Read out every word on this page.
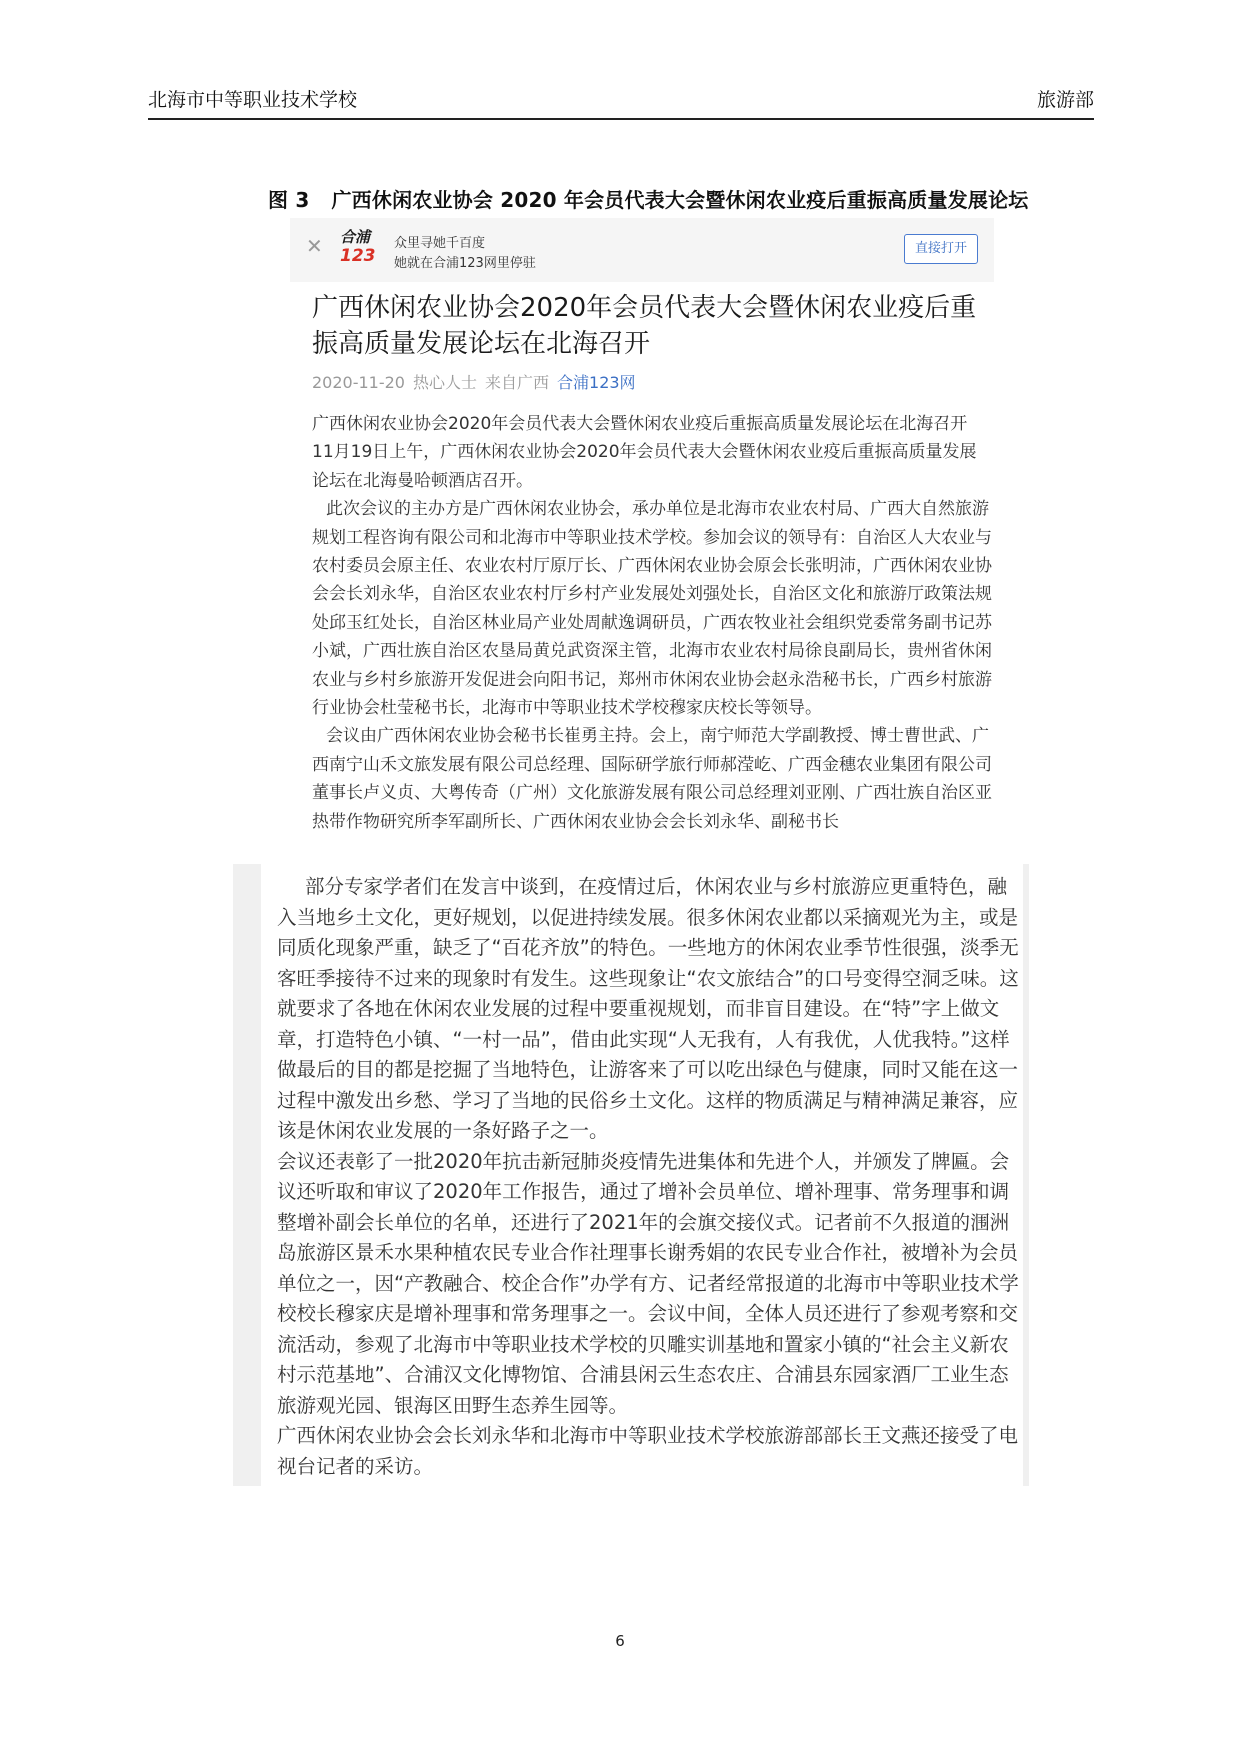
北海市中等职业技术学校	旅游部
图 3 广西休闲农业协会 2020 年会员代表大会暨休闲农业疫后重振高质量发展论坛
✕ 合浦
123
众里寻她千百度
她就在合浦123网里停驻
直接打开
广西休闲农业协会2020年会员代表大会暨休闲农业疫后重振高质量发展论坛在北海召开
2020-11-20 热心人士 来自广西 合浦123网

广西休闲农业协会2020年会员代表大会暨休闲农业疫后重振高质量发展论坛在北海召开

11月19日上午，广西休闲农业协会2020年会员代表大会暨休闲农业疫后重振高质量发展论坛在北海曼哈顿酒店召开。

此次会议的主办方是广西休闲农业协会，承办单位是北海市农业农村局、广西大自然旅游规划工程咨询有限公司和北海市中等职业技术学校。参加会议的领导有：自治区人大农业与农村委员会原主任、农业农村厅原厅长、广西休闲农业协会原会长张明沛，广西休闲农业协会会长刘永华，自治区农业农村厅乡村产业发展处刘强处长，自治区文化和旅游厅政策法规处邱玉红处长，自治区林业局产业处周献逸调研员，广西农牧业社会组织党委常务副书记苏小斌，广西壮族自治区农垦局黄兑武资深主管，北海市农业农村局徐良副局长，贵州省休闲农业与乡村乡旅游开发促进会向阳书记，郑州市休闲农业协会赵永浩秘书长，广西乡村旅游行业协会杜莹秘书长，北海市中等职业技术学校穆家庆校长等领导。

会议由广西休闲农业协会秘书长崔勇主持。会上，南宁师范大学副教授、博士曹世武、广西南宁山禾文旅发展有限公司总经理、国际研学旅行师郝滢屹、广西金穗农业集团有限公司董事长卢义贞、大粤传奇（广州）文化旅游发展有限公司总经理刘亚刚、广西壮族自治区亚热带作物研究所李军副所长、广西休闲农业协会会长刘永华、副秘书长

部分专家学者们在发言中谈到，在疫情过后，休闲农业与乡村旅游应更重特色，融入当地乡土文化，更好规划，以促进持续发展。很多休闲农业都以采摘观光为主，或是同质化现象严重，缺乏了“百花齐放”的特色。一些地方的休闲农业季节性很强，淡季无客旺季接待不过来的现象时有发生。这些现象让“农文旅结合”的口号变得空洞乏味。这就要求了各地在休闲农业发展的过程中要重视规划，而非盲目建设。在“特”字上做文章，打造特色小镇、“一村一品”，借由此实现“人无我有，人有我优，人优我特。”这样做最后的目的都是挖掘了当地特色，让游客来了可以吃出绿色与健康，同时又能在这一过程中激发出乡愁、学习了当地的民俗乡土文化。这样的物质满足与精神满足兼容，应该是休闲农业发展的一条好路子之一。

会议还表彰了一批2020年抗击新冠肺炎疫情先进集体和先进个人，并颁发了牌匾。会议还听取和审议了2020年工作报告，通过了增补会员单位、增补理事、常务理事和调整增补副会长单位的名单，还进行了2021年的会旗交接仪式。记者前不久报道的涠洲岛旅游区景禾水果种植农民专业合作社理事长谢秀娟的农民专业合作社，被增补为会员单位之一，因“产教融合、校企合作”办学有方、记者经常报道的北海市中等职业技术学校校长穆家庆是增补理事和常务理事之一。会议中间，全体人员还进行了参观考察和交流活动，参观了北海市中等职业技术学校的贝雕实训基地和置家小镇的“社会主义新农村示范基地”、合浦汉文化博物馆、合浦县闲云生态农庄、合浦县东园家酒厂工业生态旅游观光园、银海区田野生态养生园等。

广西休闲农业协会会长刘永华和北海市中等职业技术学校旅游部部长王文燕还接受了电视台记者的采访。

6
